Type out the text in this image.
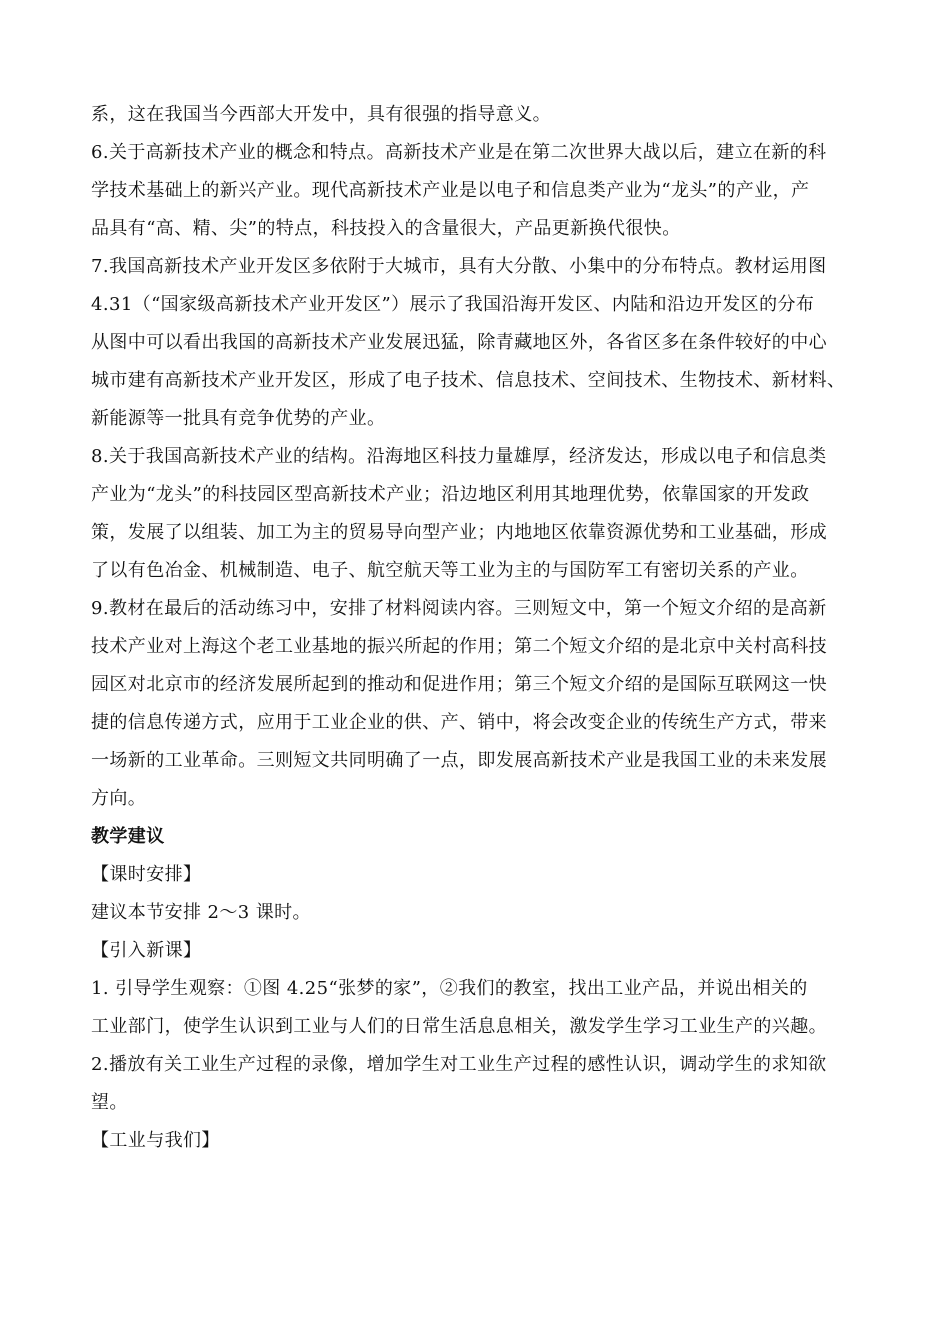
系，这在我国当今西部大开发中，具有很强的指导意义。
6.关于高新技术产业的概念和特点。高新技术产业是在第二次世界大战以后，建立在新的科
学技术基础上的新兴产业。现代高新技术产业是以电子和信息类产业为“龙头”的产业，产
品具有“高、精、尖”的特点，科技投入的含量很大，产品更新换代很快。
7.我国高新技术产业开发区多依附于大城市，具有大分散、小集中的分布特点。教材运用图
4.31（“国家级高新技术产业开发区”）展示了我国沿海开发区、内陆和沿边开发区的分布
从图中可以看出我国的高新技术产业发展迅猛，除青藏地区外，各省区多在条件较好的中心
城市建有高新技术产业开发区，形成了电子技术、信息技术、空间技术、生物技术、新材料、
新能源等一批具有竞争优势的产业。
8.关于我国高新技术产业的结构。沿海地区科技力量雄厚，经济发达，形成以电子和信息类
产业为“龙头”的科技园区型高新技术产业；沿边地区利用其地理优势，依靠国家的开发政
策，发展了以组装、加工为主的贸易导向型产业；内地地区依靠资源优势和工业基础，形成
了以有色冶金、机械制造、电子、航空航天等工业为主的与国防军工有密切关系的产业。
9.教材在最后的活动练习中，安排了材料阅读内容。三则短文中，第一个短文介绍的是高新
技术产业对上海这个老工业基地的振兴所起的作用；第二个短文介绍的是北京中关村高科技
园区对北京市的经济发展所起到的推动和促进作用；第三个短文介绍的是国际互联网这一快
捷的信息传递方式，应用于工业企业的供、产、销中，将会改变企业的传统生产方式，带来
一场新的工业革命。三则短文共同明确了一点，即发展高新技术产业是我国工业的未来发展
方向。
教学建议
【课时安排】
建议本节安排 2～3 课时。
【引入新课】
1. 引导学生观察：①图 4.25“张梦的家”，②我们的教室，找出工业产品，并说出相关的
工业部门，使学生认识到工业与人们的日常生活息息相关，激发学生学习工业生产的兴趣。
2.播放有关工业生产过程的录像，增加学生对工业生产过程的感性认识，调动学生的求知欲
望。
【工业与我们】
